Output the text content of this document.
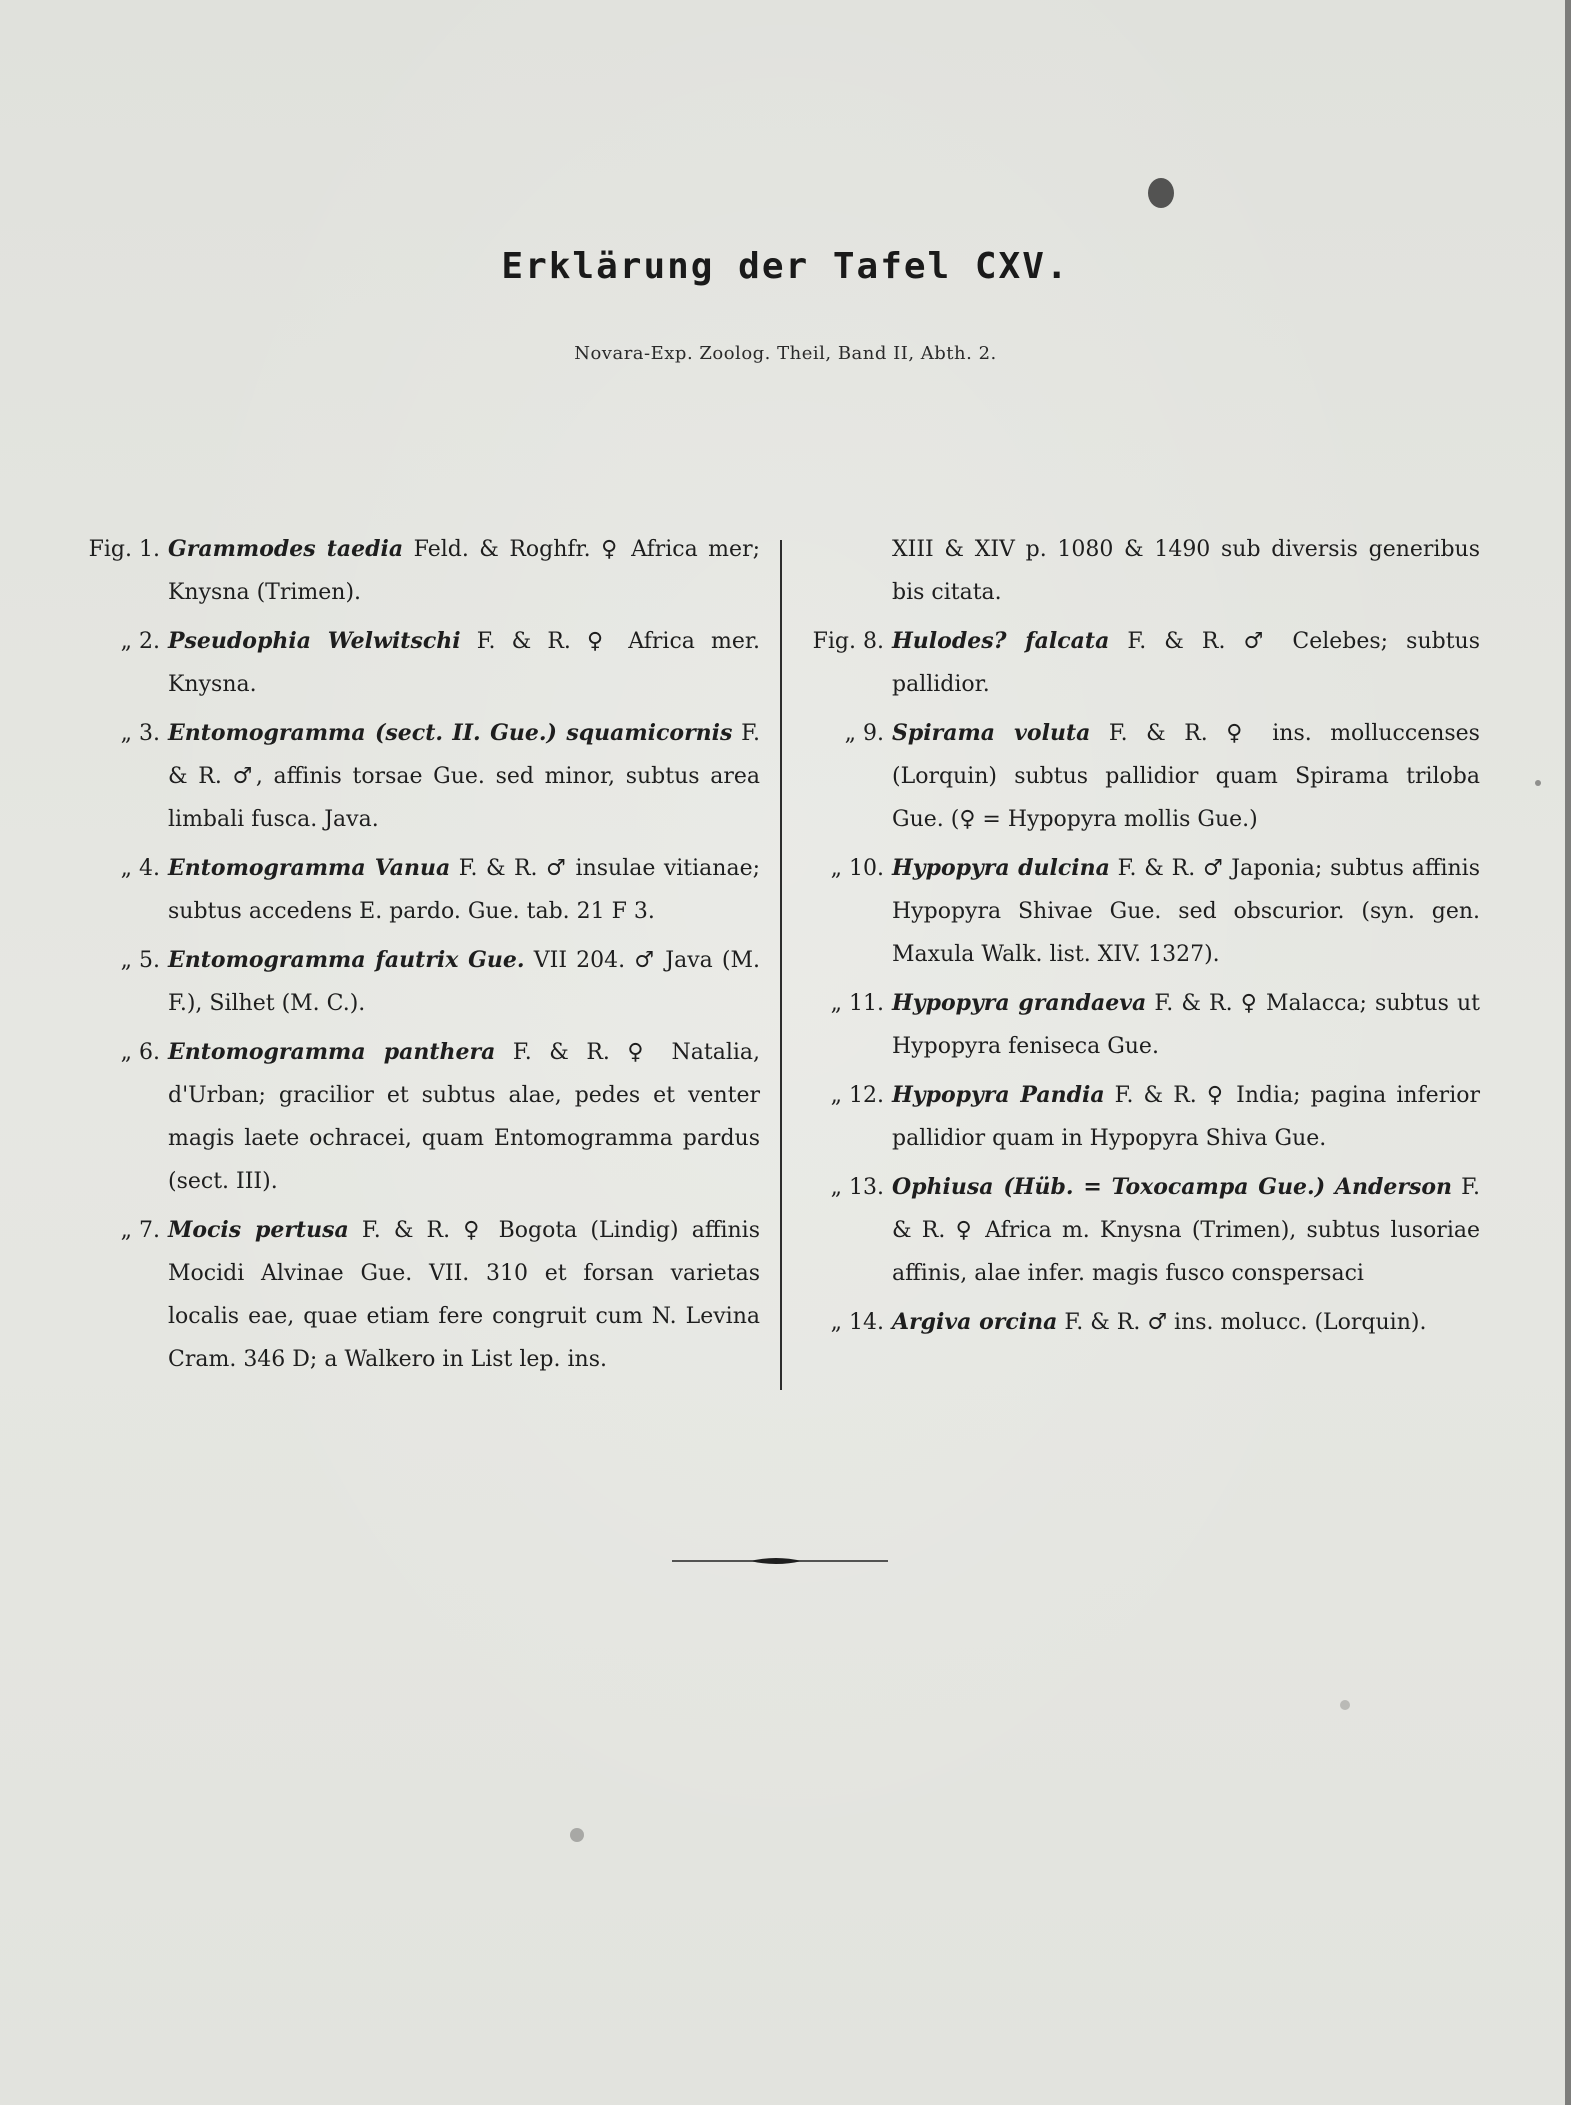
Erklärung der Tafel CXV.
Novara-Exp. Zoolog. Theil, Band II, Abth. 2.
Fig. 1. Grammodes taedia Feld. & Roghfr. ♀ Africa mer; Knysna (Trimen).
„ 2. Pseudophia Welwitschi F. & R. ♀ Africa mer. Knysna.
„ 3. Entomogramma (sect. II. Gue.) squamicornis F. & R. ♂, affinis torsae Gue. sed minor, subtus area limbali fusca. Java.
„ 4. Entomogramma Vanua F. & R. ♂ insulae vitianae; subtus accedens E. pardo. Gue. tab. 21 F 3.
„ 5. Entomogramma fautrix Gue. VII 204. ♂ Java (M. F.), Silhet (M. C.).
„ 6. Entomogramma panthera F. & R. ♀ Natalia, d'Urban; gracilior et subtus alae, pedes et venter magis laete ochracei, quam Entomogramma pardus (sect. III).
„ 7. Mocis pertusa F. & R. ♀ Bogota (Lindig) affinis Mocidi Alvinae Gue. VII. 310 et forsan varietas localis eae, quae etiam fere congruit cum N. Levina Cram. 346 D; a Walkero in List lep. ins.
XIII & XIV p. 1080 & 1490 sub diversis generibus bis citata.
Fig. 8. Hulodes? falcata F. & R. ♂ Celebes; subtus pallidior.
„ 9. Spirama voluta F. & R. ♀ ins. molluccenses (Lorquin) subtus pallidior quam Spirama triloba Gue. (♀ = Hypopyra mollis Gue.)
„ 10. Hypopyra dulcina F. & R. ♂ Japonia; subtus affinis Hypopyra Shivae Gue. sed obscurior. (syn. gen. Maxula Walk. list. XIV. 1327).
„ 11. Hypopyra grandaeva F. & R. ♀ Malacca; subtus ut Hypopyra feniseca Gue.
„ 12. Hypopyra Pandia F. & R. ♀ India; pagina inferior pallidior quam in Hypopyra Shiva Gue.
„ 13. Ophiusa (Hüb. = Toxocampa Gue.) Anderson F. & R. ♀ Africa m. Knysna (Trimen), subtus lusoriae affinis, alae infer. magis fusco conspersaci
„ 14. Argiva orcina F. & R. ♂ ins. molucc. (Lorquin).
